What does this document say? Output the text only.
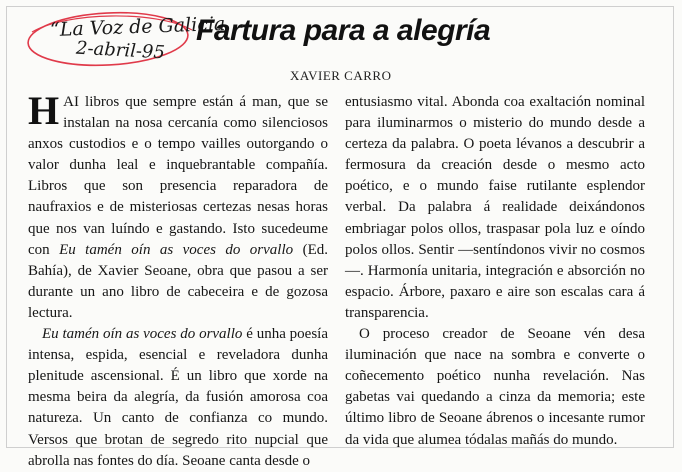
“La Voz de Galicia
2-abril-95
Fartura para a alegría
XAVIER CARRO

HAI libros que sempre están á man, que se instalan na nosa cercanía como silenciosos anxos custodios e o tempo vailles outorgando o valor dunha leal e inquebrantable compañía. Libros que son presencia reparadora de naufraxios e de misteriosas certezas nesas horas que nos van luíndo e gastando. Isto sucedeume con Eu tamén oín as voces do orvallo (Ed. Bahía), de Xavier Seoane, obra que pasou a ser durante un ano libro de cabeceira e de gozosa lectura.

Eu tamén oín as voces do orvallo é unha poesía intensa, espida, esencial e reveladora dunha plenitude ascensional. É un libro que xorde na mesma beira da alegría, da fusión amorosa coa natureza. Un canto de confianza co mundo. Versos que brotan de segredo rito nupcial que abrolla nas fontes do día. Seoane canta desde o

entusiasmo vital. Abonda coa exaltación nominal para iluminarmos o misterio do mundo desde a certeza da palabra. O poeta lévanos a descubrir a fermosura da creación desde o mesmo acto poético, e o mundo faise rutilante esplendor verbal. Da palabra á realidade deixándonos embriagar polos ollos, traspasar pola luz e oíndo polos ollos. Sentir —sentíndonos vivir no cosmos—. Harmonía unitaria, integración e absorción no espacio. Árbore, paxaro e aire son escalas cara á transparencia.

O proceso creador de Seoane vén desa iluminación que nace na sombra e converte o coñecemento poético nunha revelación. Nas gabetas vai quedando a cinza da memoria; este último libro de Seoane ábrenos o incesante rumor da vida que alumea tódalas mañás do mundo.
